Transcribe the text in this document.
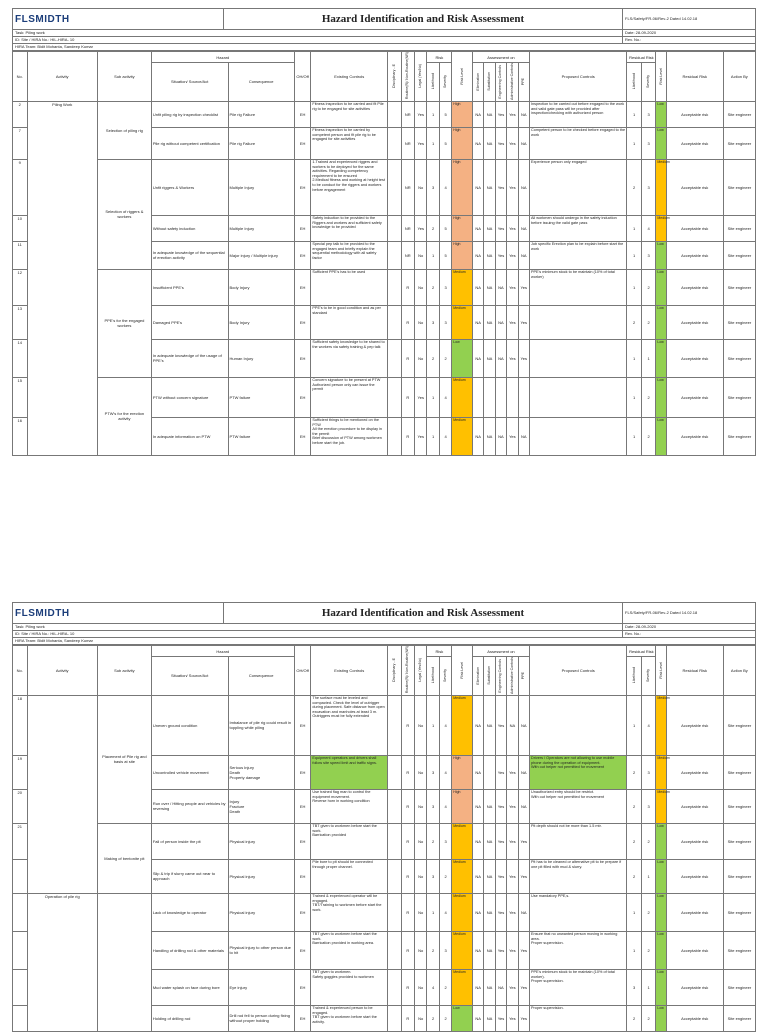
FLSMIDTH	Hazard Identification and Risk Assessment	FLS/Safety/FR-06/Rev-2 Dated 14.02.18
Task: Piling work	Date: 28-09-2020
ID: Site / HIRA No.: HIL-HIRA- 10	Rev. No.:
HIRA Team: Bidit Mohanta, Sandeep Kumar
No.	Activity	Sub activity	Hazard		OH/Off	Existing Controls	Disciplinary - E	Routine(R)/ Non-Routine(NR)	Legal (Yes/No)	Risk		Risk Level	Assessment on					Proposed Controls	Residual Risk		Risk Level	Residual Risk	Action By
			Situation/ Source/Act	Consequence						Likelihood	Severity		Elimination	Substitution	Engineering Controls	Administrative Controls	PPE		Likelihood	Severity			
2	Piling Work	Selection of piling rig	Unfit piling rig by inspection checklist	Pile rig Failure	EH	Fitness inspection to be carried and fit Pile rig to be engaged for site activities		NR	Yes	1	5	High	NA	NA	Yes	Yes	NA	Inspection to be carried out before engaged to the work and valid gate pass will be provided after inspection/checking with authorized person	1	3	Low	Acceptable risk	Site engineer
7			Pile rig without competent certification	Pile rig Failure	EH	Fitness inspection to be carried by competent person and fit pile rig to be engaged for site activities		NR	Yes	1	5	High	NA	NA	Yes	Yes	NA	Competent person to be checked before engaged to the work	1	3	Low	Acceptable risk	Site engineer
9		Selection of riggers & workers	Unfit riggers & Workers	Multiple Injury	EH	1.Trained and experienced riggers and workers to be deployed for the same activities. Regarding competency requirement to be ensured
2.Medical fitness and working at height test to be conduct for the riggers and workers before engagement		NR	No	3	4	High	NA	NA	Yes	Yes	NA	Experience person only engaged	2	3	Medium	Acceptable risk	Site engineer
10			Without safety induction	Multiple Injury	EH	Safety induction to be provided to the Riggers and workers and sufficient safety knowledge to be provided		NR	Yes	2	5	High	NA	NA	Yes	Yes	NA	All workmen should undergo in the safety induction before issuing the valid gate pass	1	4	Medium	Acceptable risk	Site engineer
11			In adequate knowledge of the sequential of erection activity	Major injury / Multiple injury	EH	Special pep talk to be provided to the engaged team and briefly explain the sequential methodology with all safety factor		NR	No	1	5	High	NA	NA	Yes	Yes	NA	Job specific Erection plan to be explain before start the work	1	3	Low	Acceptable risk	Site engineer
12		PPE's for the engaged workers	Insufficient PPE's	Body Injury	EH	Sufficient PPE's has to be used		R	No	2	3	Medium	NA	NA	NA	Yes	Yes	PPE's minimum stock to be maintain (10% of total worker)	1	2	Low	Acceptable risk	Site engineer
13			Damaged PPE's	Body Injury	EH	PPE's to be in good condition and as per standard		R	No	3	3	Medium	NA	NA	NA	Yes	Yes		2	2	Low	Acceptable risk	Site engineer
14			In adequate knowledge of the usage of PPE's	Human Injury	EH	Sufficient safety knowledge to be shared to the workers via safety training & pep talk		R	No	2	2	Low	NA	NA	NA	Yes	Yes		1	1	Low	Acceptable risk	Site engineer
15		PTW's for the erection activity	PTW without concern signature	PTW failure	EH	Concern signature to be present at PTW
Authorized person only can issue the permit		R	Yes	1	4	Medium							1	2	Low	Acceptable risk	Site engineer
16			In adequate information on PTW	PTW failure	EH	Sufficient things to be mentioned on the PTW
All the erection procedure to be display in the permit
Brief discussion of PTW among workmen before start the job.		R	Yes	1	4	Medium	NA	NA	NA	Yes	NA		1	2	Low	Acceptable risk	Site engineer
FLSMIDTH	Hazard Identification and Risk Assessment	FLS/Safety/FR-06/Rev-2 Dated 14.02.18
Task: Piling work	Date: 28-09-2020
ID: Site / HIRA No.: HIL-HIRA- 10	Rev. No.:
HIRA Team: Bidit Mohanta, Sandeep Kumar
No.	Activity	Sub activity	Hazard		OH/Off	Existing Controls	Disciplinary - E	Routine(R)/ Non-Routine(NR)	Legal (Yes/No)	Risk		Risk Level	Assessment on					Proposed Controls	Residual Risk		Risk Level	Residual Risk	Action By
			Situation/ Source/Act	Consequence						Likelihood	Severity		Elimination	Substitution	Engineering Controls	Administrative Controls	PPE		Likelihood	Severity			
18		Placement of Pile rig and basis at site	Uneven ground condition	Imbalance of pile rig could result in toppling while piling	EH	The surface must be leveled and compacted. Check the level of outrigger during placement. Safe distance from open excavation and manholes at least 3 m.
Outriggers must be fully extended		R	No	1	4	Medium	NA	NA	Yes	NA	NA		1	4	Medium	Acceptable risk	Site engineer
19			Uncontrolled vehicle movement	Serious Injury
Death
Property damage	EH	Equipment operators and drivers shall follow site speed limit and traffic signs.		R	No	3	4	High	NA		Yes	Yes	NA	Drivers / Operators are not allowing to use mobile phone during the operation of equipment.
With out helper not permitted for movement	2	3	Medium	Acceptable risk	Site engineer
20			Run over / Hitting people and vehicles by reversing	Injury
Fracture
Death	EH	Use trained flag man to control the equipment movement.
Reverse horn in working condition		R	No	3	4	High	NA	NA	Yes	Yes	NA	Unauthorized entry should be restrict.
With out helper not permitted for movement	2	3	Medium	Acceptable risk	Site engineer
21		Making of bentonite pit	Fall of person inside the pit	Physical injury	EH	TBT given to workmen before start the work.
Barrication provided		R	No	2	3	Medium	NA	NA	Yes	Yes	Yes	Pit depth should not be more than 1.5 mtr.	2	2	Low	Acceptable risk	Site engineer
			Slip & trip if slurry came out near to approach	Physical injury	EH	Pile bore to pit should be connected through proper channel.		R	No	3	2	Medium	NA	NA	Yes	Yes	Yes	Pit has to be cleaned or alternative pit to be prepare if one pit filled with mud & slurry.	2	1	Low	Acceptable risk	Site engineer
	Operation of pile rig		Lack of knowledge to operator	Physical injury	EH	Trained & experienced operator will be engaged.
TBT/Training to workmen before start the work.		R	No	1	4	Medium	NA	NA	Yes	Yes	NA	Use mandatory PPE,s.	1	2	Low	Acceptable risk	Site engineer
			Handling of drilling rod & other materials	Physical injury to other person due to hit	EH	TBT given to workmen before start the work.
Barrication provided in working area.		R	No	2	3	Medium	NA	NA	Yes	Yes	Yes	Ensure that no unwanted person moving in working area.
Proper supervision.	1	2	Low	Acceptable risk	Site engineer
			Mud water splash on face during bore	Eye injury	EH	TBT given to workmen.
Safety goggles provided to workmen		R	No	4	2	Medium	NA	NA	NA	Yes	Yes	PPE's minimum stock to be maintain (10% of total worker).
Proper supervision.	3	1	Low	Acceptable risk	Site engineer
			Holding of drilling rod	Drill rod fell to person during fixing without proper holding	EH	Trained & experienced person to be engaged.
TBT given to workmen before start the activity.		R	No	2	2	Low	NA	NA	Yes	Yes	Yes	Proper supervision.	2	2	Low	Acceptable risk	Site engineer
